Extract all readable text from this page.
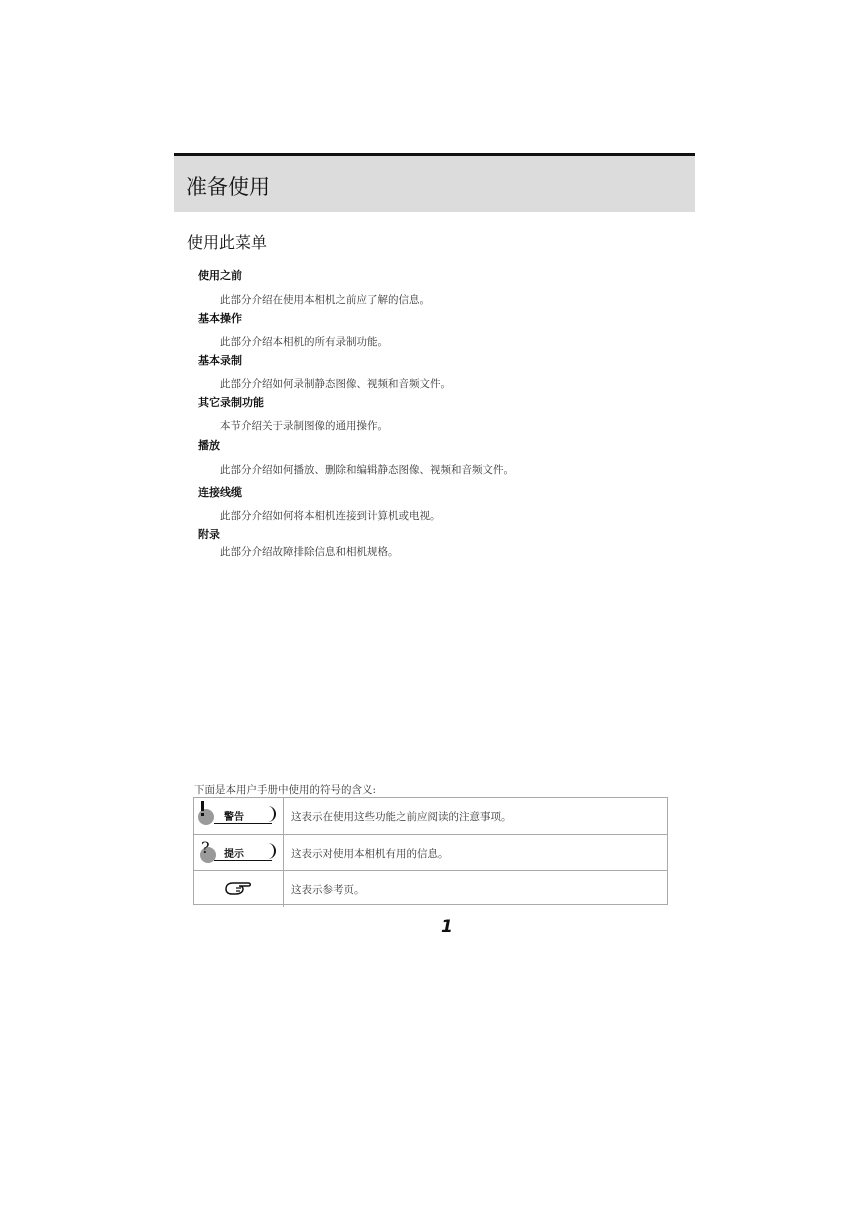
准备使用
使用此菜单
使用之前
此部分介绍在使用本相机之前应了解的信息。
基本操作
此部分介绍本相机的所有录制功能。
基本录制
此部分介绍如何录制静态图像、视频和音频文件。
其它录制功能
本节介绍关于录制图像的通用操作。
播放
此部分介绍如何播放、删除和编辑静态图像、视频和音频文件。
连接线缆
此部分介绍如何将本相机连接到计算机或电视。
附录
此部分介绍故障排除信息和相机规格。
下面是本用户手册中使用的符号的含义:
警告	这表示在使用这些功能之前应阅读的注意事项。
? 提示	这表示对使用本相机有用的信息。
这表示参考页。
1
